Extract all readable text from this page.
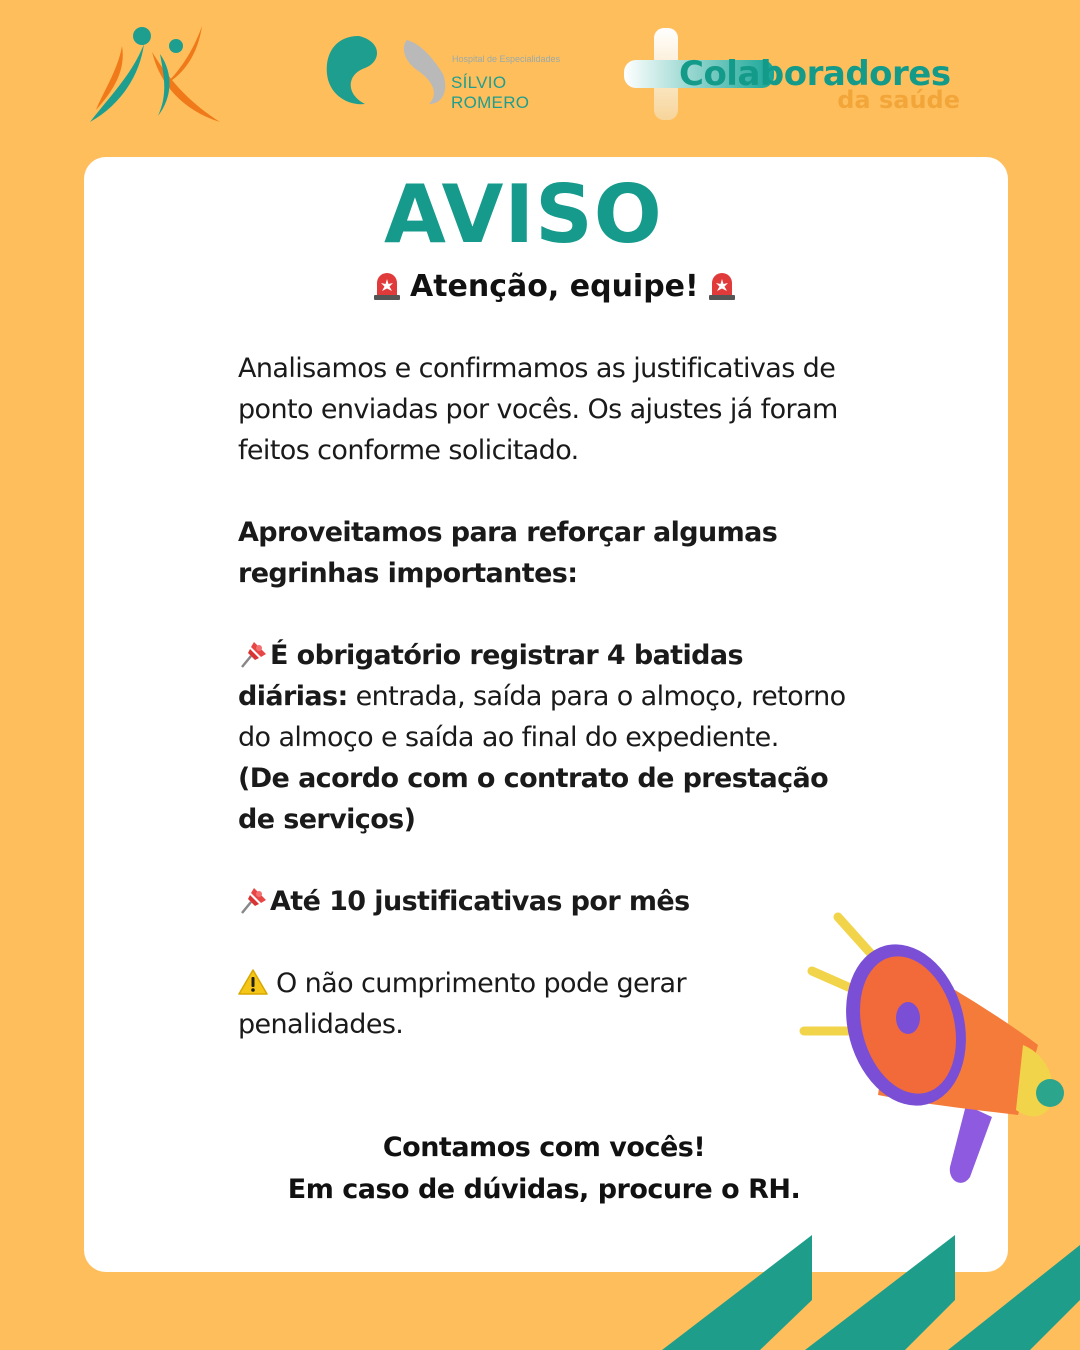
Hospital de Especialidades
SÍLVIO ROMERO
Colaboradores
da saúde
AVISO
Atenção, equipe!

Analisamos e confirmamos as justificativas de ponto enviadas por vocês. Os ajustes já foram feitos conforme solicitado.

Aproveitamos para reforçar algumas regrinhas importantes:

É obrigatório registrar 4 batidas diárias: entrada, saída para o almoço, retorno do almoço e saída ao final do expediente.
(De acordo com o contrato de prestação de serviços)

Até 10 justificativas por mês

O não cumprimento pode gerar penalidades.

Contamos com vocês!
Em caso de dúvidas, procure o RH.
